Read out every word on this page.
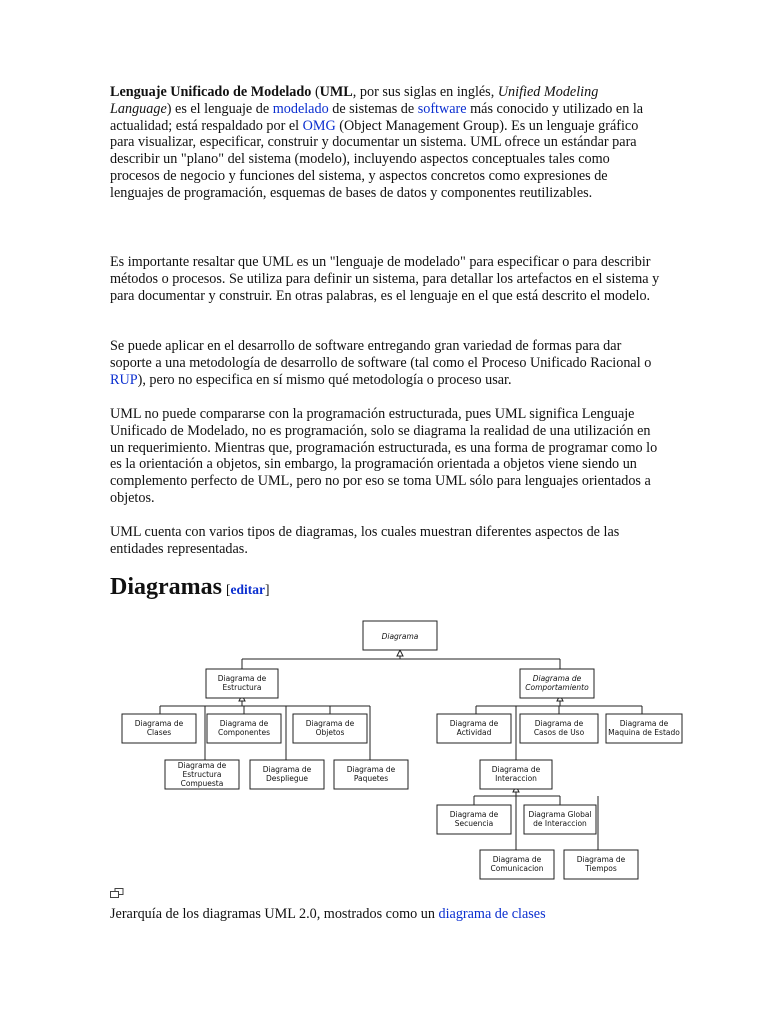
Lenguaje Unificado de Modelado (UML, por sus siglas en inglés, Unified Modeling Language) es el lenguaje de modelado de sistemas de software más conocido y utilizado en la actualidad; está respaldado por el OMG (Object Management Group). Es un lenguaje gráfico para visualizar, especificar, construir y documentar un sistema. UML ofrece un estándar para describir un "plano" del sistema (modelo), incluyendo aspectos conceptuales tales como procesos de negocio y funciones del sistema, y aspectos concretos como expresiones de lenguajes de programación, esquemas de bases de datos y componentes reutilizables.

Es importante resaltar que UML es un "lenguaje de modelado" para especificar o para describir métodos o procesos. Se utiliza para definir un sistema, para detallar los artefactos en el sistema y para documentar y construir. En otras palabras, es el lenguaje en el que está descrito el modelo.

Se puede aplicar en el desarrollo de software entregando gran variedad de formas para dar soporte a una metodología de desarrollo de software (tal como el Proceso Unificado Racional o RUP), pero no especifica en sí mismo qué metodología o proceso usar.

UML no puede compararse con la programación estructurada, pues UML significa Lenguaje Unificado de Modelado, no es programación, solo se diagrama la realidad de una utilización en un requerimiento. Mientras que, programación estructurada, es una forma de programar como lo es la orientación a objetos, sin embargo, la programación orientada a objetos viene siendo un complemento perfecto de UML, pero no por eso se toma UML sólo para lenguajes orientados a objetos.

UML cuenta con varios tipos de diagramas, los cuales muestran diferentes aspectos de las entidades representadas.

Diagramas [editar]
Diagrama
Diagrama de
Estructura
Diagrama de
Comportamiento
Diagrama de
Clases
Diagrama de
Componentes
Diagrama de
Objetos
Diagrama de
Estructura
Compuesta
Diagrama de
Despliegue
Diagrama de
Paquetes
Diagrama de
Actividad
Diagrama de
Casos de Uso
Diagrama de
Maquina de Estado
Diagrama de
Interaccion
Diagrama de
Secuencia
Diagrama Global
de Interaccion
Diagrama de
Comunicacion
Diagrama de
Tiempos

Jerarquía de los diagramas UML 2.0, mostrados como un diagrama de clases
